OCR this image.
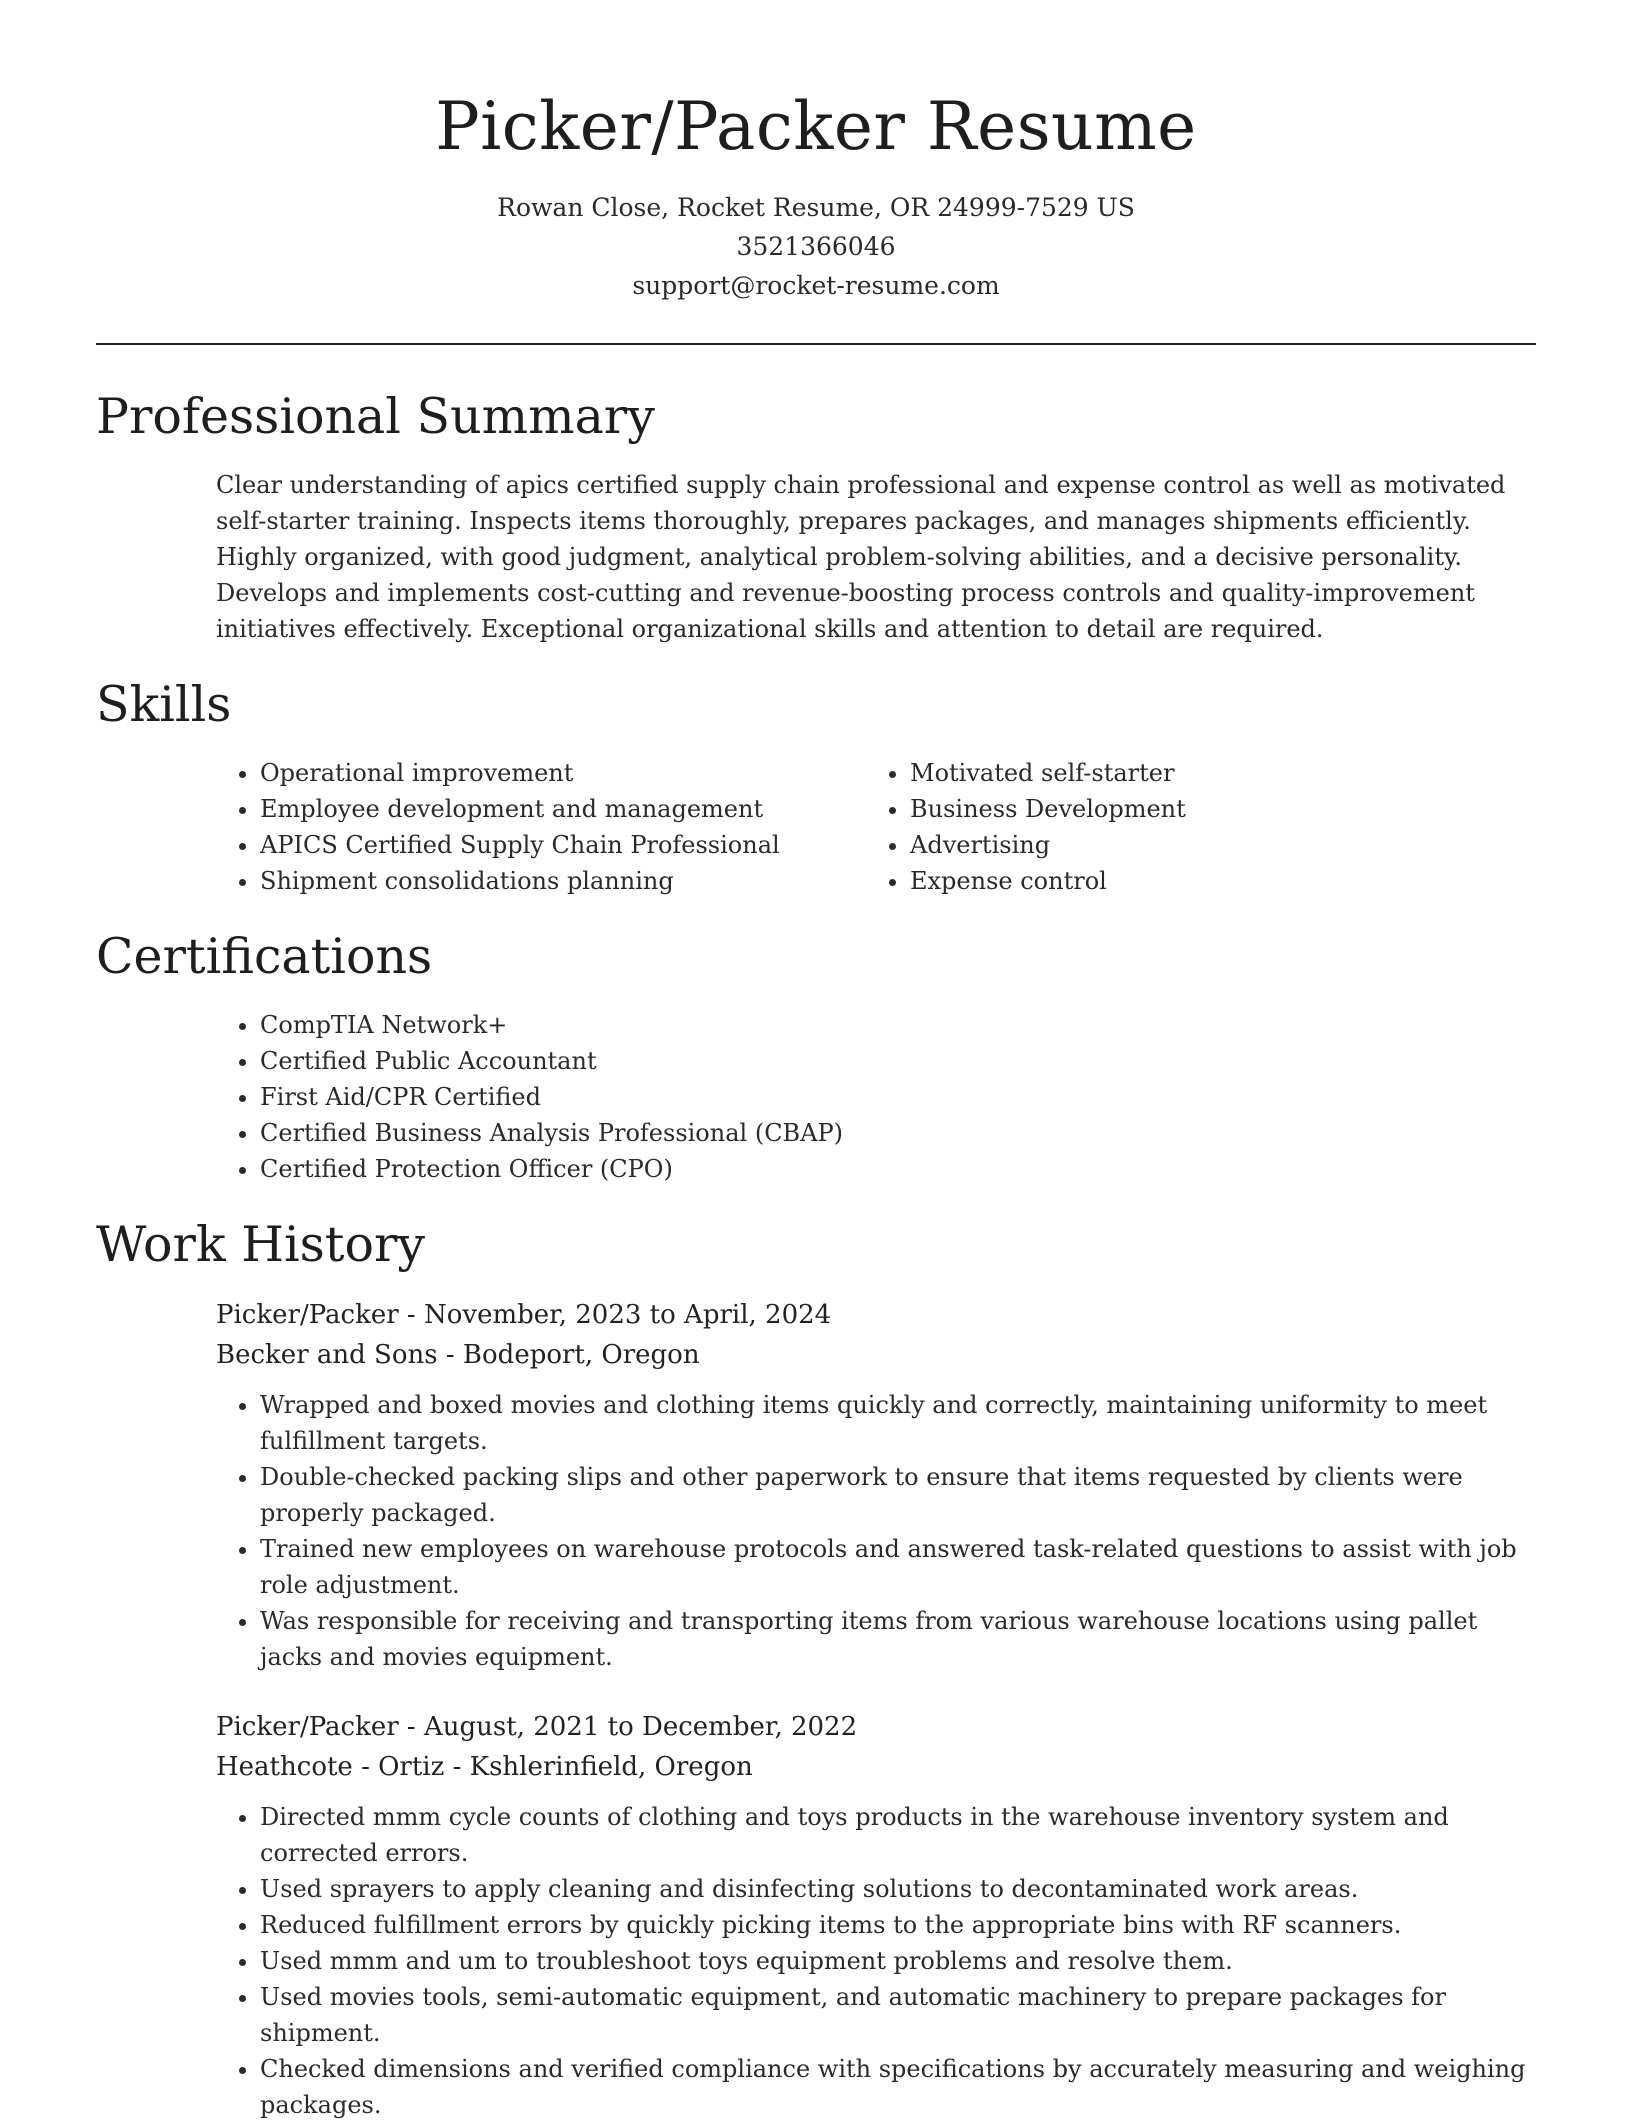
Picker/Packer Resume
Rowan Close, Rocket Resume, OR 24999-7529 US
3521366046
support@rocket-resume.com
Professional Summary

Clear understanding of apics certified supply chain professional and expense control as well as motivated self-starter training. Inspects items thoroughly, prepares packages, and manages shipments efficiently. Highly organized, with good judgment, analytical problem-solving abilities, and a decisive personality. Develops and implements cost-cutting and revenue-boosting process controls and quality-improvement initiatives effectively. Exceptional organizational skills and attention to detail are required.

Skills
• Operational improvement
• Employee development and management
• APICS Certified Supply Chain Professional
• Shipment consolidations planning
• Motivated self-starter
• Business Development
• Advertising
• Expense control
Certifications
• CompTIA Network+
• Certified Public Accountant
• First Aid/CPR Certified
• Certified Business Analysis Professional (CBAP)
• Certified Protection Officer (CPO)
Work History
Picker/Packer - November, 2023 to April, 2024
Becker and Sons - Bodeport, Oregon
• Wrapped and boxed movies and clothing items quickly and correctly, maintaining uniformity to meet fulfillment targets.
• Double-checked packing slips and other paperwork to ensure that items requested by clients were properly packaged.
• Trained new employees on warehouse protocols and answered task-related questions to assist with job role adjustment.
• Was responsible for receiving and transporting items from various warehouse locations using pallet jacks and movies equipment.
Picker/Packer - August, 2021 to December, 2022
Heathcote - Ortiz - Kshlerinfield, Oregon
• Directed mmm cycle counts of clothing and toys products in the warehouse inventory system and corrected errors.
• Used sprayers to apply cleaning and disinfecting solutions to decontaminated work areas.
• Reduced fulfillment errors by quickly picking items to the appropriate bins with RF scanners.
• Used mmm and um to troubleshoot toys equipment problems and resolve them.
• Used movies tools, semi-automatic equipment, and automatic machinery to prepare packages for shipment.
• Checked dimensions and verified compliance with specifications by accurately measuring and weighing packages.
